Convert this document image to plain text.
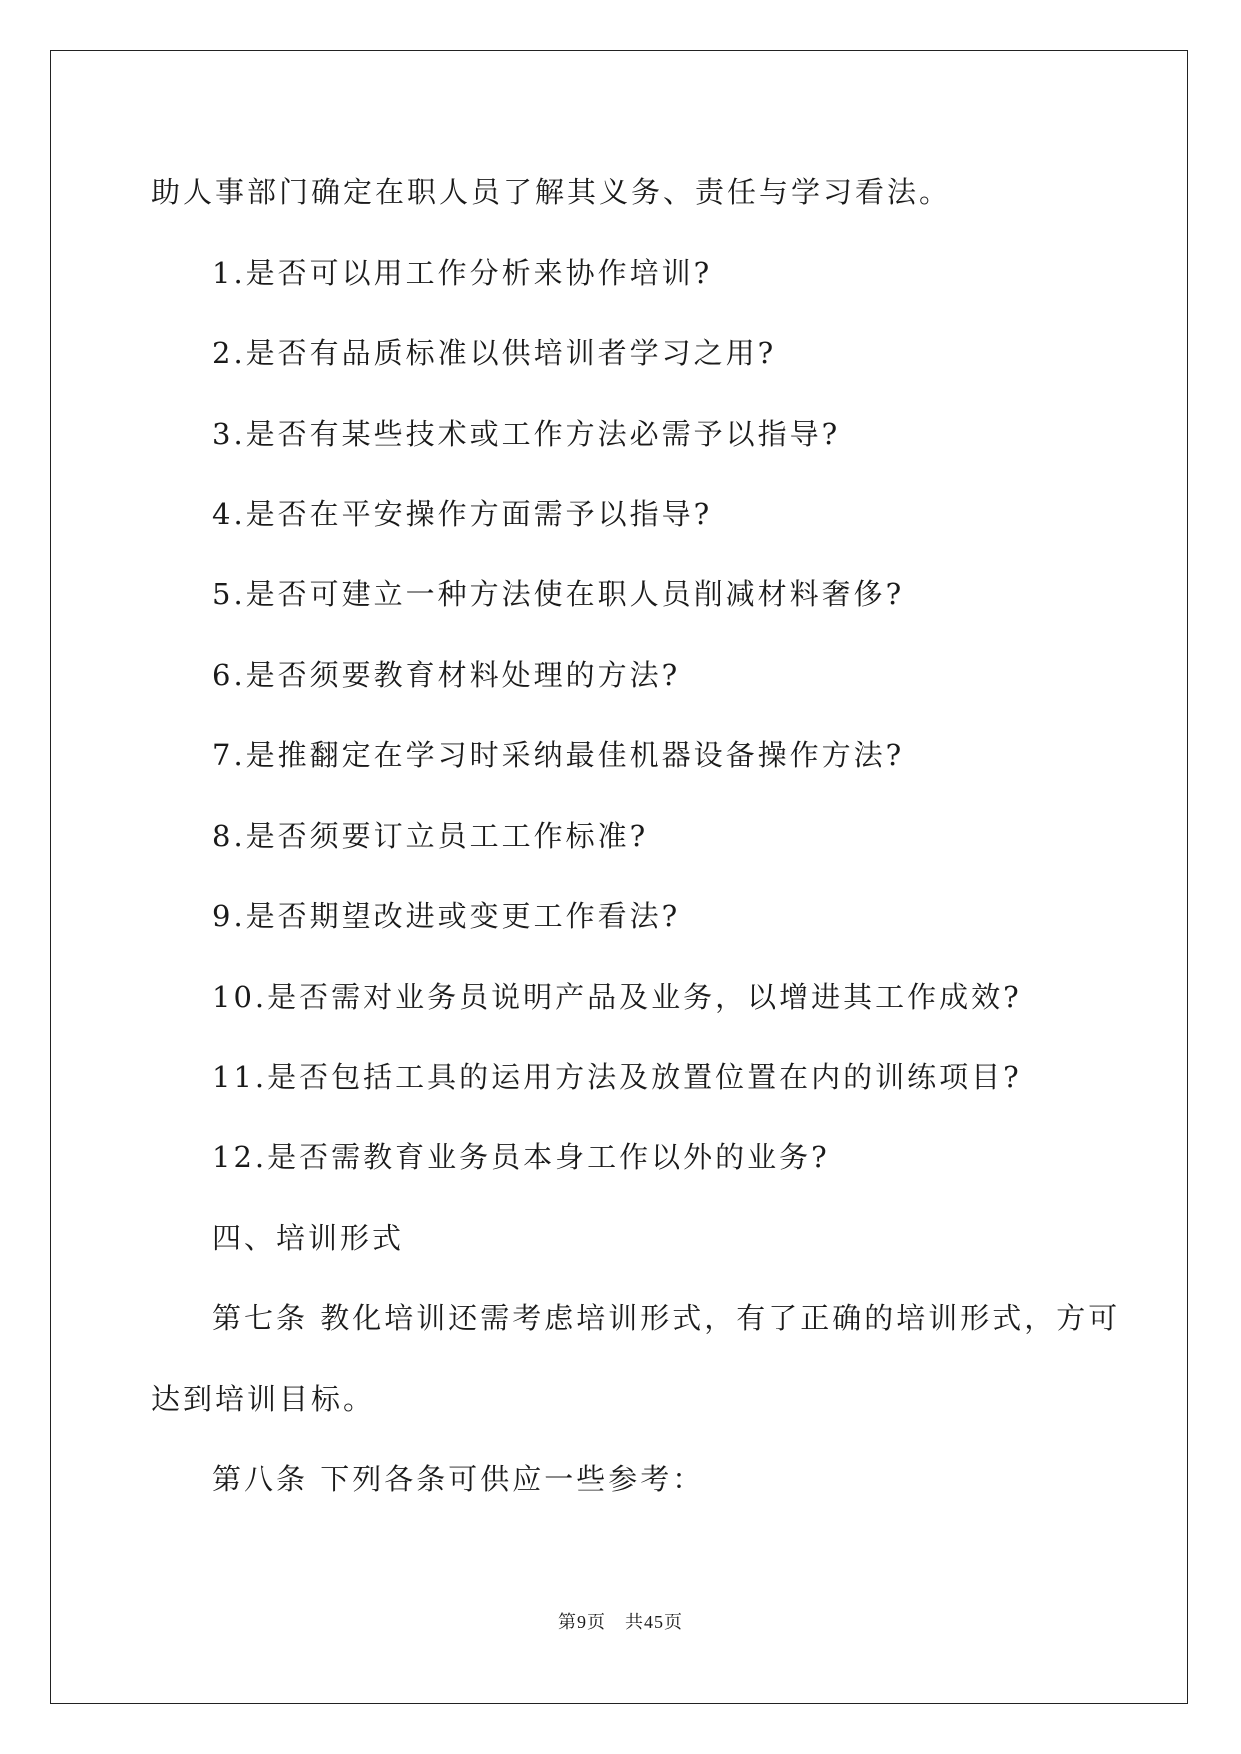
助人事部门确定在职人员了解其义务、责任与学习看法。
1.是否可以用工作分析来协作培训?
2.是否有品质标准以供培训者学习之用?
3.是否有某些技术或工作方法必需予以指导?
4.是否在平安操作方面需予以指导?
5.是否可建立一种方法使在职人员削减材料奢侈?
6.是否须要教育材料处理的方法?
7.是推翻定在学习时采纳最佳机器设备操作方法?
8.是否须要订立员工工作标准?
9.是否期望改进或变更工作看法?
10.是否需对业务员说明产品及业务，以增进其工作成效?
11.是否包括工具的运用方法及放置位置在内的训练项目?
12.是否需教育业务员本身工作以外的业务?
四、培训形式
第七条 教化培训还需考虑培训形式，有了正确的培训形式，方可
达到培训目标。
第八条 下列各条可供应一些参考：
第9页　共45页
